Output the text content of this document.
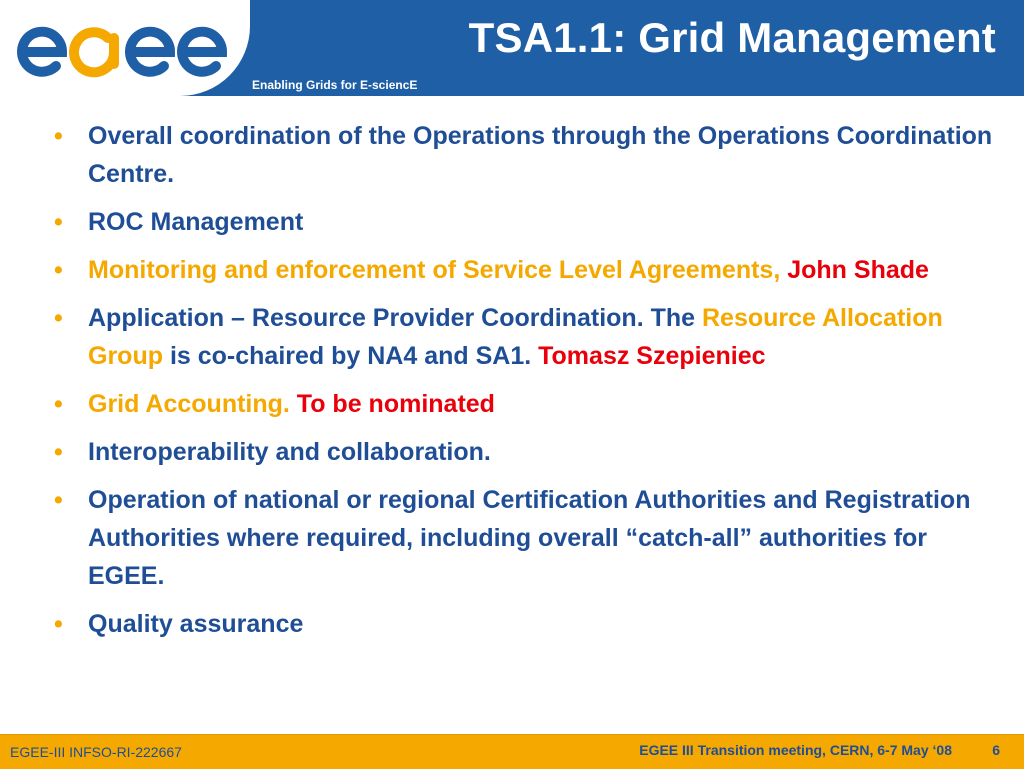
TSA1.1: Grid Management
Enabling Grids for E-sciencE
• Overall coordination of the Operations through the Operations Coordination Centre.
• ROC Management
• Monitoring and enforcement of Service Level Agreements, John Shade
• Application – Resource Provider Coordination. The Resource Allocation Group is co-chaired by NA4 and SA1. Tomasz Szepieniec
• Grid Accounting. To be nominated
• Interoperability and collaboration.
• Operation of national or regional Certification Authorities and Registration Authorities where required, including overall “catch-all” authorities for EGEE.
• Quality assurance
EGEE-III INFSO-RI-222667	EGEE III Transition meeting, CERN, 6-7 May ‘08	6
